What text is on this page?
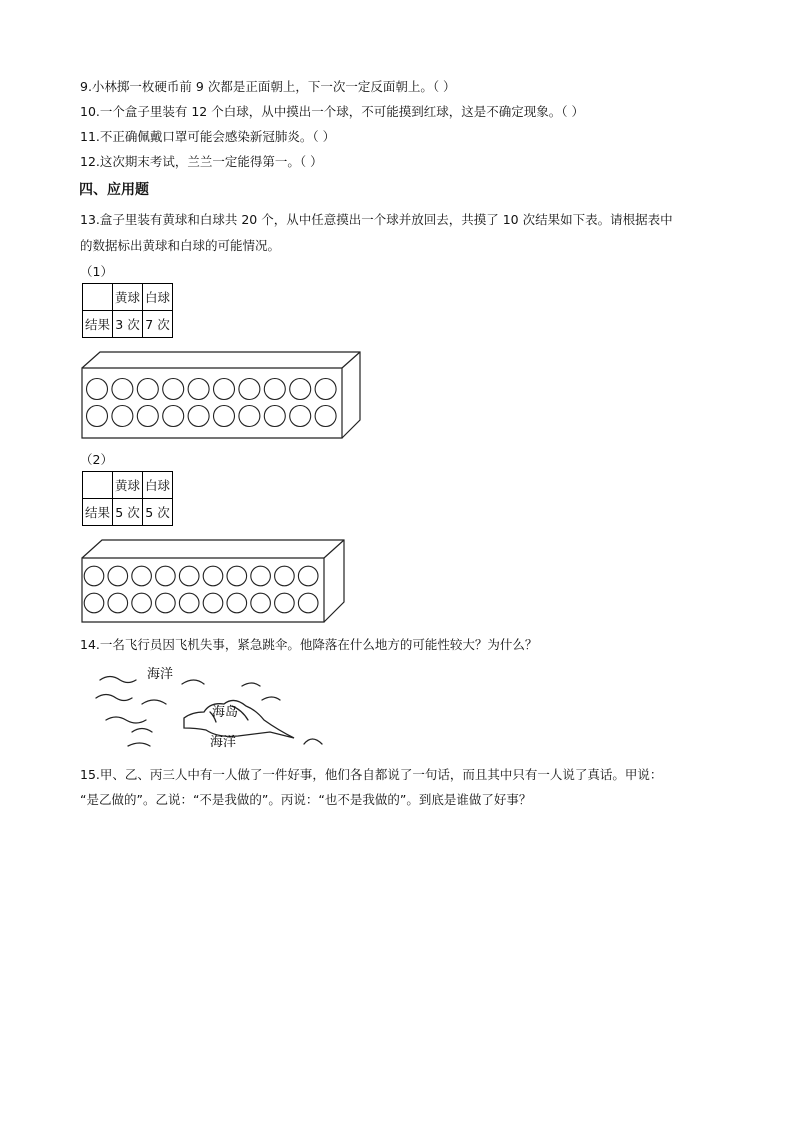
9.小林掷一枚硬币前 9 次都是正面朝上，下一次一定反面朝上。（ ）
10.一个盒子里装有 12 个白球，从中摸出一个球，不可能摸到红球，这是不确定现象。（ ）
11.不正确佩戴口罩可能会感染新冠肺炎。（ ）
12.这次期末考试，兰兰一定能得第一。（ ）
四、应用题
13.盒子里装有黄球和白球共 20 个，从中任意摸出一个球并放回去，共摸了 10 次结果如下表。请根据表中
的数据标出黄球和白球的可能情况。
（1）
	黄球	白球
结果	3 次	7 次
（2）
	黄球	白球
结果	5 次	5 次
14.一名飞行员因飞机失事，紧急跳伞。他降落在什么地方的可能性较大？为什么？
海洋
海岛
海洋
15.甲、乙、丙三人中有一人做了一件好事，他们各自都说了一句话，而且其中只有一人说了真话。甲说：
“是乙做的”。乙说：“不是我做的”。丙说：“也不是我做的”。到底是谁做了好事？
